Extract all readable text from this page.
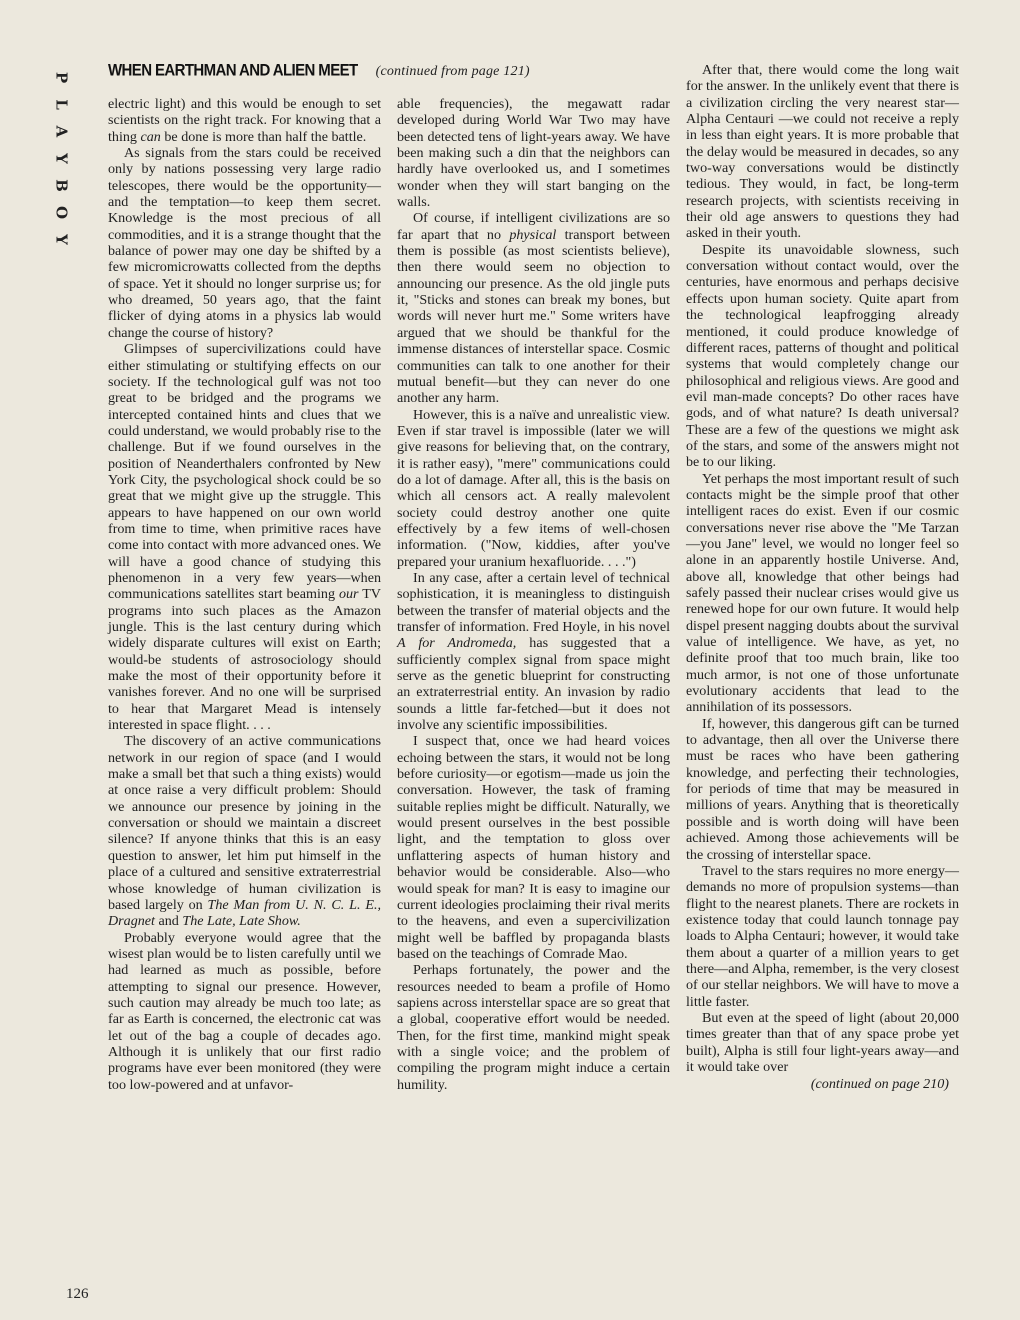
P
L
A
Y
B
O
Y
WHEN EARTHMAN AND ALIEN MEET (continued from page 121)

electric light) and this would be enough to set scientists on the right track. For knowing that a thing can be done is more than half the battle.

As signals from the stars could be received only by nations possessing very large radio telescopes, there would be the opportunity—and the temptation—to keep them secret. Knowledge is the most precious of all commodities, and it is a strange thought that the balance of power may one day be shifted by a few micromicrowatts collected from the depths of space. Yet it should no longer surprise us; for who dreamed, 50 years ago, that the faint flicker of dying atoms in a physics lab would change the course of history?

Glimpses of supercivilizations could have either stimulating or stultifying effects on our society. If the technological gulf was not too great to be bridged and the programs we intercepted contained hints and clues that we could understand, we would probably rise to the challenge. But if we found ourselves in the position of Neanderthalers confronted by New York City, the psychological shock could be so great that we might give up the struggle. This appears to have happened on our own world from time to time, when primitive races have come into contact with more advanced ones. We will have a good chance of studying this phenomenon in a very few years—when communications satellites start beaming our TV programs into such places as the Amazon jungle. This is the last century during which widely disparate cultures will exist on Earth; would-be students of astrosociology should make the most of their opportunity before it vanishes forever. And no one will be surprised to hear that Margaret Mead is intensely interested in space flight. . . .

The discovery of an active communications network in our region of space (and I would make a small bet that such a thing exists) would at once raise a very difficult problem: Should we announce our presence by joining in the conversation or should we maintain a discreet silence? If anyone thinks that this is an easy question to answer, let him put himself in the place of a cultured and sensitive extraterrestrial whose knowledge of human civilization is based largely on The Man from U. N. C. L. E., Dragnet and The Late, Late Show.

Probably everyone would agree that the wisest plan would be to listen carefully until we had learned as much as possible, before attempting to signal our presence. However, such caution may already be much too late; as far as Earth is concerned, the electronic cat was let out of the bag a couple of decades ago. Although it is unlikely that our first radio programs have ever been monitored (they were too low-powered and at unfavor-

able frequencies), the megawatt radar developed during World War Two may have been detected tens of light-years away. We have been making such a din that the neighbors can hardly have overlooked us, and I sometimes wonder when they will start banging on the walls.

Of course, if intelligent civilizations are so far apart that no physical transport between them is possible (as most scientists believe), then there would seem no objection to announcing our presence. As the old jingle puts it, "Sticks and stones can break my bones, but words will never hurt me." Some writers have argued that we should be thankful for the immense distances of interstellar space. Cosmic communities can talk to one another for their mutual benefit—but they can never do one another any harm.

However, this is a naïve and unrealistic view. Even if star travel is impossible (later we will give reasons for believing that, on the contrary, it is rather easy), "mere" communications could do a lot of damage. After all, this is the basis on which all censors act. A really malevolent society could destroy another one quite effectively by a few items of well-chosen information. ("Now, kiddies, after you've prepared your uranium hexafluoride. . . .")

In any case, after a certain level of technical sophistication, it is meaningless to distinguish between the transfer of material objects and the transfer of information. Fred Hoyle, in his novel A for Andromeda, has suggested that a sufficiently complex signal from space might serve as the genetic blueprint for constructing an extraterrestrial entity. An invasion by radio sounds a little far-fetched—but it does not involve any scientific impossibilities.

I suspect that, once we had heard voices echoing between the stars, it would not be long before curiosity—or egotism—made us join the conversation. However, the task of framing suitable replies might be difficult. Naturally, we would present ourselves in the best possible light, and the temptation to gloss over unflattering aspects of human history and behavior would be considerable. Also—who would speak for man? It is easy to imagine our current ideologies proclaiming their rival merits to the heavens, and even a supercivilization might well be baffled by propaganda blasts based on the teachings of Comrade Mao.

Perhaps fortunately, the power and the resources needed to beam a profile of Homo sapiens across interstellar space are so great that a global, cooperative effort would be needed. Then, for the first time, mankind might speak with a single voice; and the problem of compiling the program might induce a certain humility.

After that, there would come the long wait for the answer. In the unlikely event that there is a civilization circling the very nearest star—Alpha Centauri —we could not receive a reply in less than eight years. It is more probable that the delay would be measured in decades, so any two-way conversations would be distinctly tedious. They would, in fact, be long-term research projects, with scientists receiving in their old age answers to questions they had asked in their youth.

Despite its unavoidable slowness, such conversation without contact would, over the centuries, have enormous and perhaps decisive effects upon human society. Quite apart from the technological leapfrogging already mentioned, it could produce knowledge of different races, patterns of thought and political systems that would completely change our philosophical and religious views. Are good and evil man-made concepts? Do other races have gods, and of what nature? Is death universal? These are a few of the questions we might ask of the stars, and some of the answers might not be to our liking.

Yet perhaps the most important result of such contacts might be the simple proof that other intelligent races do exist. Even if our cosmic conversations never rise above the "Me Tarzan—you Jane" level, we would no longer feel so alone in an apparently hostile Universe. And, above all, knowledge that other beings had safely passed their nuclear crises would give us renewed hope for our own future. It would help dispel present nagging doubts about the survival value of intelligence. We have, as yet, no definite proof that too much brain, like too much armor, is not one of those unfortunate evolutionary accidents that lead to the annihilation of its possessors.

If, however, this dangerous gift can be turned to advantage, then all over the Universe there must be races who have been gathering knowledge, and perfecting their technologies, for periods of time that may be measured in millions of years. Anything that is theoretically possible and is worth doing will have been achieved. Among those achievements will be the crossing of interstellar space.

Travel to the stars requires no more energy—demands no more of propulsion systems—than flight to the nearest planets. There are rockets in existence today that could launch tonnage pay loads to Alpha Centauri; however, it would take them about a quarter of a million years to get there—and Alpha, remember, is the very closest of our stellar neighbors. We will have to move a little faster.

But even at the speed of light (about 20,000 times greater than that of any space probe yet built), Alpha is still four light-years away—and it would take over

(continued on page 210)
126
